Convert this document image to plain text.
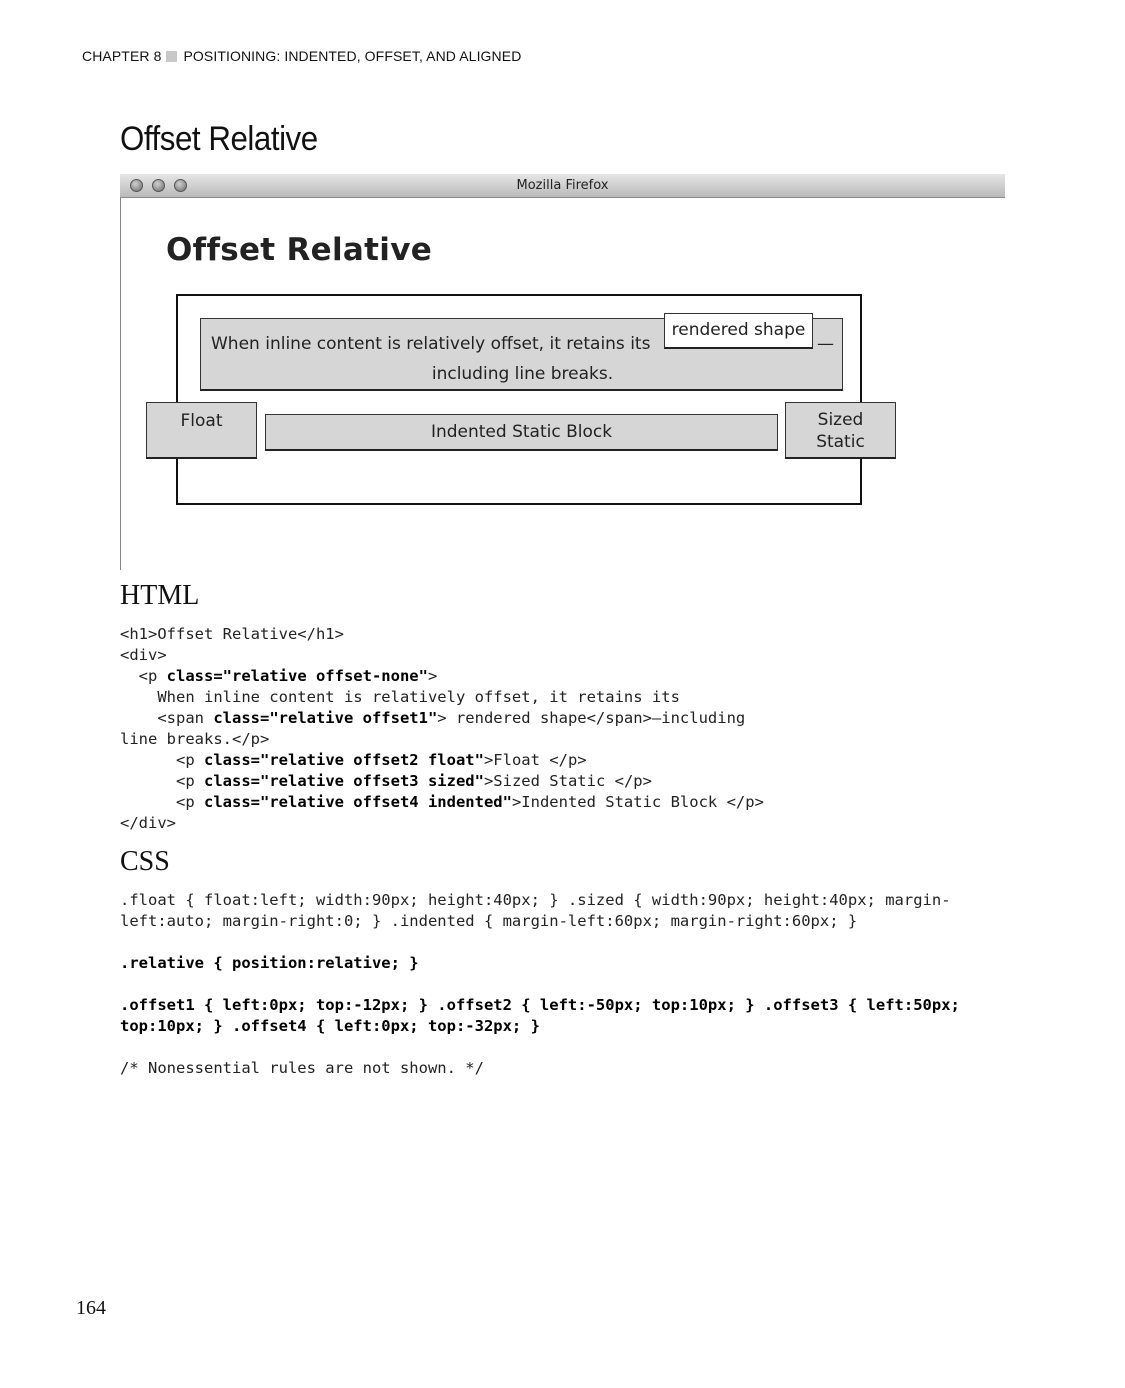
CHAPTER 8 POSITIONING: INDENTED, OFFSET, AND ALIGNED
Offset Relative
Mozilla Firefox
Offset Relative
When inline content is relatively offset, it retains its	—
including line breaks.
rendered shape
Float
Indented Static Block
Sized
Static
HTML
<h1>Offset Relative</h1>
<div>
<p class="relative offset-none">
When inline content is relatively offset, it retains its
<span class="relative offset1"> rendered shape</span>—including
line breaks.</p>
<p class="relative offset2 float">Float </p>
<p class="relative offset3 sized">Sized Static </p>
<p class="relative offset4 indented">Indented Static Block </p>
</div>
CSS
.float { float:left; width:90px; height:40px; } .sized { width:90px; height:40px; margin-
left:auto; margin-right:0; } .indented { margin-left:60px; margin-right:60px; }

.relative { position:relative; }

.offset1 { left:0px; top:-12px; } .offset2 { left:-50px; top:10px; } .offset3 { left:50px;
top:10px; } .offset4 { left:0px; top:-32px; }

/* Nonessential rules are not shown. */
164
